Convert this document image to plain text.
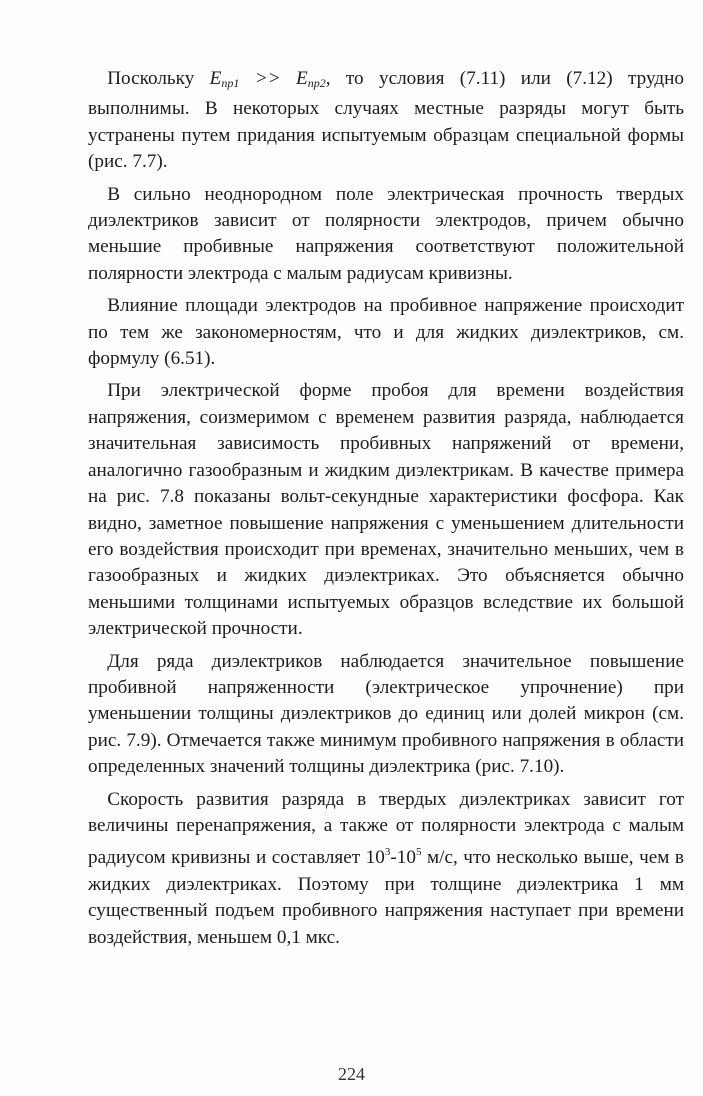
 Поскольку $E_{пр1} >> E_{пр2}$, то условия (7.11) или (7.12) трудно выполнимы. В некоторых случаях местные разряды могут быть устранены путем придания испытуемым образцам специальной формы (рис. 7.7).

 В сильно неоднородном поле электрическая прочность твердых диэлектриков зависит от полярности электродов, причем обычно меньшие пробивные напряжения соответствуют положительной полярности электрода с малым радиусам кривизны.

 Влияние площади электродов на пробивное напряжение происходит по тем же закономерностям, что и для жидких диэлектриков, см. формулу (6.51).

 При электрической форме пробоя для времени воздействия напряжения, соизмеримом с временем развития разряда, наблюдается значительная зависимость пробивных напряжений от времени, аналогично газообразным и жидким диэлектрикам. В качестве примера на рис. 7.8 показаны вольт-секундные характеристики фосфора. Как видно, заметное повышение напряжения с уменьшением длительности его воздействия происходит при временах, значительно меньших, чем в газообразных и жидких диэлектриках. Это объясняется обычно меньшими толщинами испытуемых образцов вследствие их большой электрической прочности.

 Для ряда диэлектриков наблюдается значительное повышение пробивной напряженности (электрическое упрочнение) при уменьшении толщины диэлектриков до единиц или долей микрон (см. рис. 7.9). Отмечается также минимум пробивного напряжения в области определенных значений толщины диэлектрика (рис. 7.10).

 Скорость развития разряда в твердых диэлектриках зависит гот величины перенапряжения, а также от полярности электрода с малым радиусом кривизны и составляет $10^3-10^5$ м/с, что несколько выше, чем в жидких диэлектриках. Поэтому при толщине диэлектрика 1 мм существенный подъем пробивного напряжения наступает при времени воздействия, меньшем 0,1 мкс.

224
